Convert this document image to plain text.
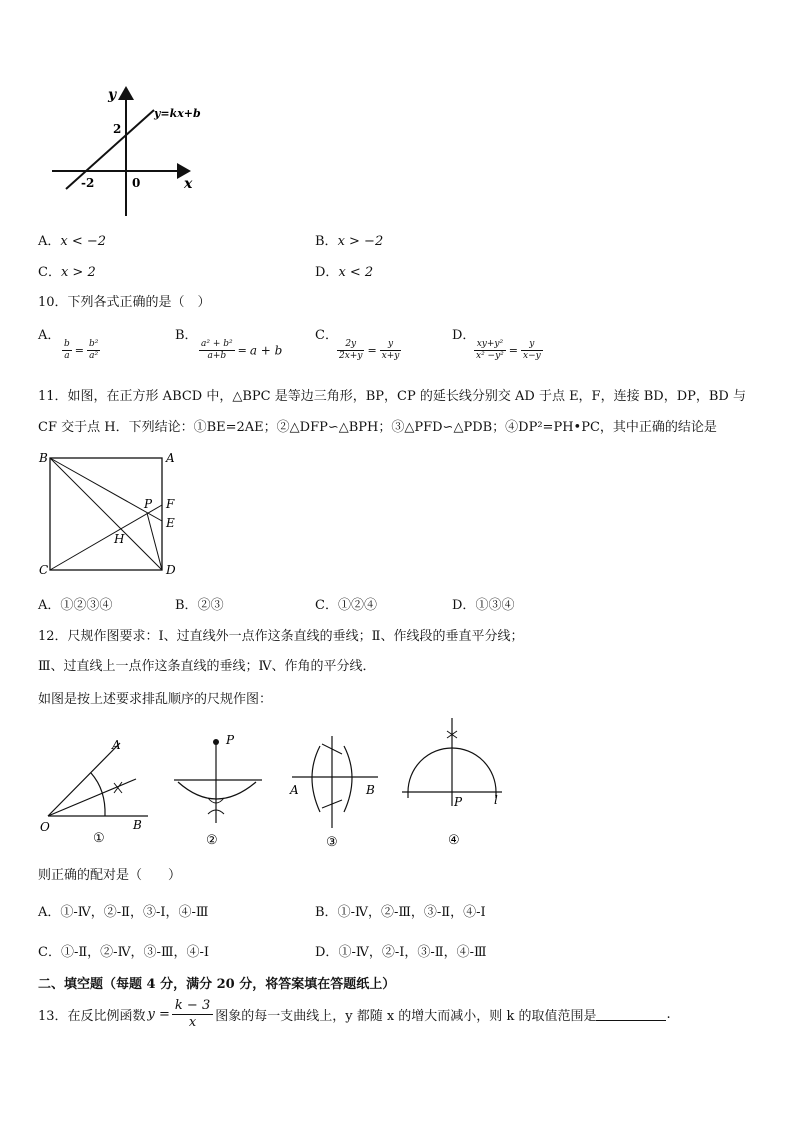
y
x
y=kx+b
2
-2	0
A．x < −2	B．x > −2
C．x > 2	D．x < 2
10．下列各式正确的是（　）
A．

$\frac{b}{a} = \frac{\text{b²}}{\text{a²}}$
B．

$\frac{\text{a² + b²}}{a+b} = a + b$
C．

$\frac{2y}{2x+y} = \frac{y}{x+y}$
D．

$\frac{\text{xy+y²}}{\text{x² −y²}} = \frac{y}{x-y}$
11．如图，在正方形 ABCD 中，△BPC 是等边三角形，BP，CP 的延长线分别交 AD 于点 E，F，连接 BD，DP，BD 与
CF 交于点 H．下列结论：①BE=2AE；②△DFP∽△BPH；③△PFD∽△PDB；④DP²=PH•PC，其中正确的结论是
B	A
C	D
P F
E
H
A．①②③④	B．②③	C．①②④	D．①③④
12．尺规作图要求：Ⅰ、过直线外一点作这条直线的垂线；Ⅱ、作线段的垂直平分线；
Ⅲ、过直线上一点作这条直线的垂线；Ⅳ、作角的平分线．
如图是按上述要求排乱顺序的尺规作图：
A
O	B
①
P
②
A	B
③
P	l
④
则正确的配对是（　　）
A．①-Ⅳ，②-Ⅱ，③-Ⅰ，④-Ⅲ	B．①-Ⅳ，②-Ⅲ，③-Ⅱ，④-Ⅰ
C．①-Ⅱ，②-Ⅳ，③-Ⅲ，④-Ⅰ	D．①-Ⅳ，②-Ⅰ，③-Ⅱ，④-Ⅲ
二、填空题（每题 4 分，满分 20 分，将答案填在答题纸上）
13．在反比例函数 $y = \frac{k - 3}{x}$ 图象的每一支曲线上，y 都随 x 的增大而减小，则 k 的取值范围是	.
